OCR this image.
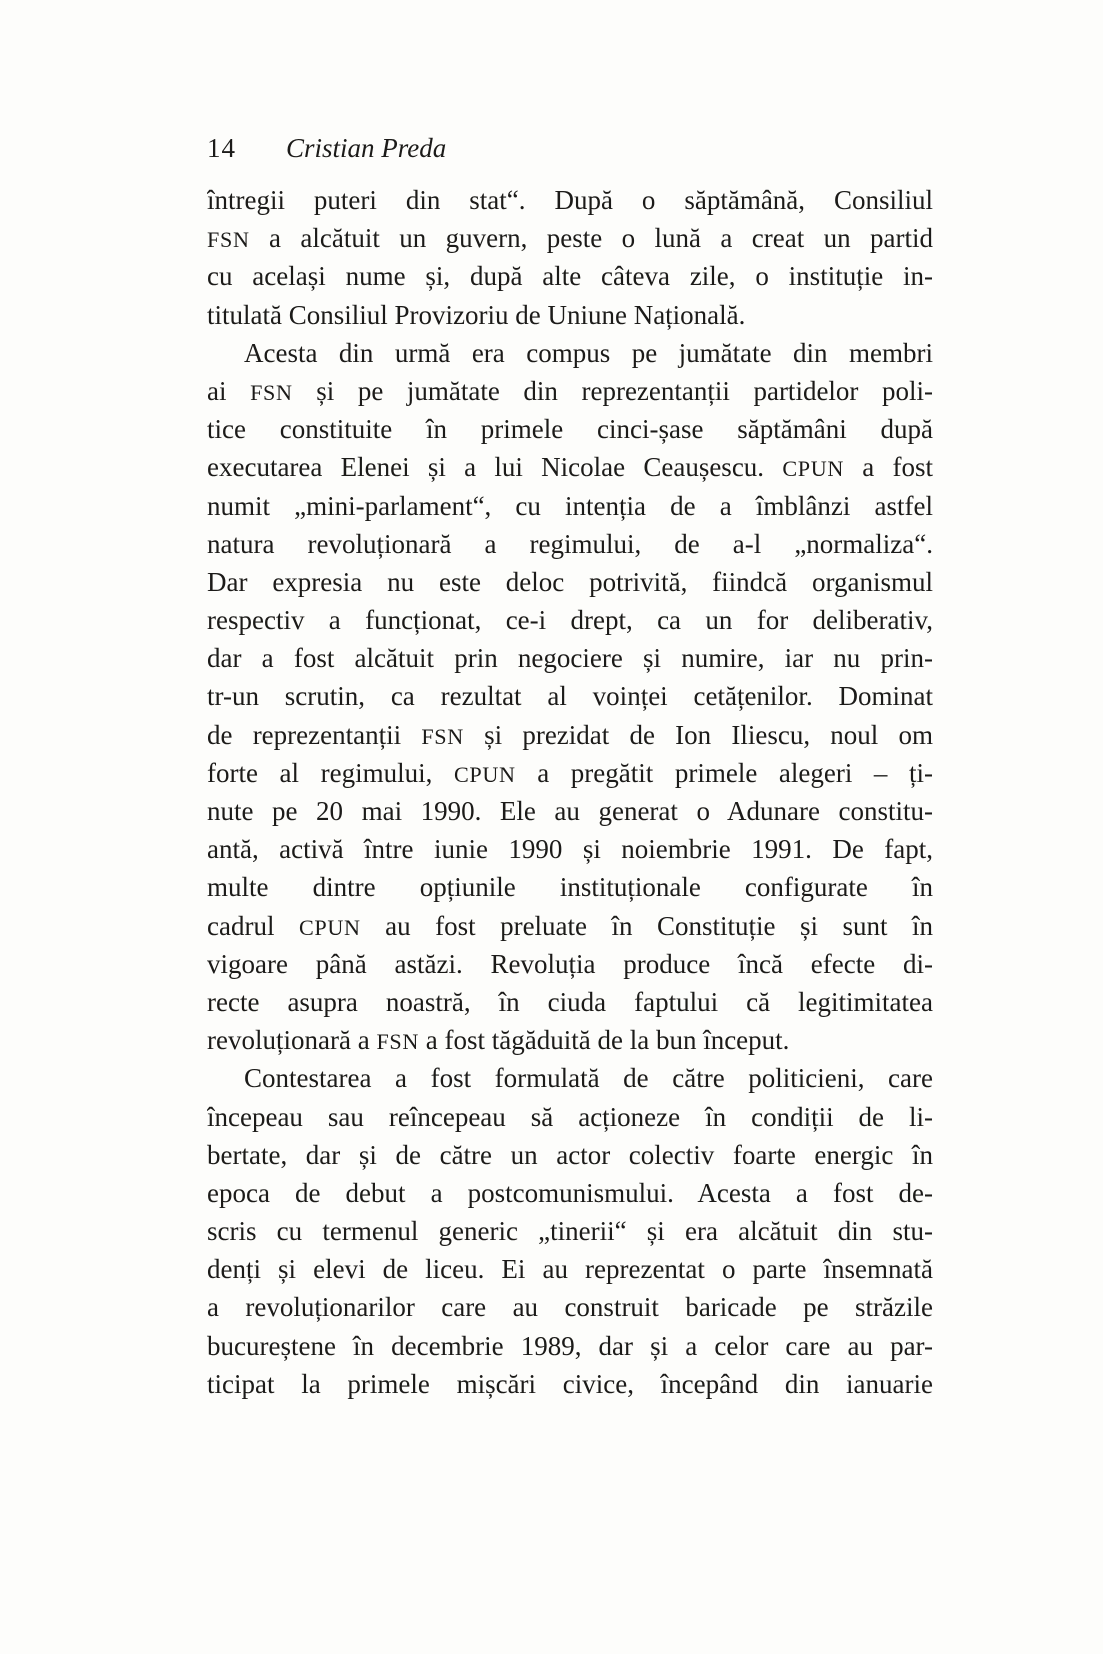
14 Cristian Preda
întregii puteri din stat“. După o săptămână, Consiliul
FSN a alcătuit un guvern, peste o lună a creat un partid
cu același nume și, după alte câteva zile, o instituție in-
titulată Consiliul Provizoriu de Uniune Națională.
Acesta din urmă era compus pe jumătate din membri
ai FSN și pe jumătate din reprezentanții partidelor poli-
tice constituite în primele cinci-șase săptămâni după
executarea Elenei și a lui Nicolae Ceaușescu. CPUN a fost
numit „mini-parlament“, cu intenția de a îmblânzi astfel
natura revoluționară a regimului, de a-l „normaliza“.
Dar expresia nu este deloc potrivită, fiindcă organismul
respectiv a funcționat, ce-i drept, ca un for deliberativ,
dar a fost alcătuit prin negociere și numire, iar nu prin-
tr-un scrutin, ca rezultat al voinței cetățenilor. Dominat
de reprezentanții FSN și prezidat de Ion Iliescu, noul om
forte al regimului, CPUN a pregătit primele alegeri – ți-
nute pe 20 mai 1990. Ele au generat o Adunare constitu-
antă, activă între iunie 1990 și noiembrie 1991. De fapt,
multe dintre opțiunile instituționale configurate în
cadrul CPUN au fost preluate în Constituție și sunt în
vigoare până astăzi. Revoluția produce încă efecte di-
recte asupra noastră, în ciuda faptului că legitimitatea
revoluționară a FSN a fost tăgăduită de la bun început.
Contestarea a fost formulată de către politicieni, care
începeau sau reîncepeau să acționeze în condiții de li-
bertate, dar și de către un actor colectiv foarte energic în
epoca de debut a postcomunismului. Acesta a fost de-
scris cu termenul generic „tinerii“ și era alcătuit din stu-
denți și elevi de liceu. Ei au reprezentat o parte însemnată
a revoluționarilor care au construit baricade pe străzile
bucureștene în decembrie 1989, dar și a celor care au par-
ticipat la primele mișcări civice, începând din ianuarie
